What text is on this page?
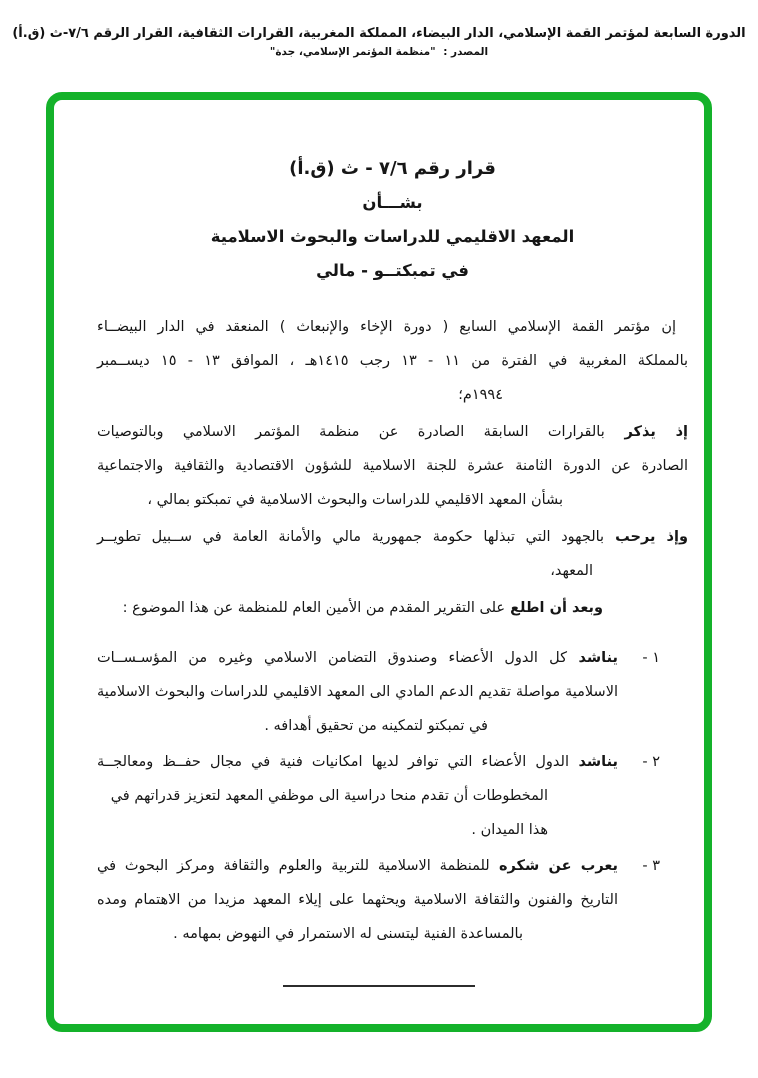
الدورة السابعة لمؤتمر القمة الإسلامي، الدار البيضاء، المملكة المغربية، القرارات الثقافية، القرار الرقم ٧/٦-ث (ق.أ)
المصدر : "منظمة المؤتمر الإسلامي، جدة"
قرار رقم ٧/٦ - ث (ق.أ)
بشـــأن
المعهد الاقليمي للدراسات والبحوث الاسلامية
في تمبكتــو - مالي
إن مؤتمر القمة الإسلامي السابع ( دورة الإخاء والإنبعاث ) المنعقد في الدار البيضــاء
بالمملكة المغربية في الفترة من ١١ - ١٣ رجب ١٤١٥هـ ، الموافق ١٣ - ١٥ ديســمبر
١٩٩٤م؛
إذ يذكر بالقرارات السابقة الصادرة عن منظمة المؤتمر الاسلامي وبالتوصيات
الصادرة عن الدورة الثامنة عشرة للجنة الاسلامية للشؤون الاقتصادية والثقافية والاجتماعية
بشأن المعهد الاقليمي للدراسات والبحوث الاسلامية في تمبكتو بمالي ،
وإذ يرحب بالجهود التي تبذلها حكومة جمهورية مالي والأمانة العامة في ســبيل تطويــر
المعهد،
وبعد أن اطلع على التقرير المقدم من الأمين العام للمنظمة عن هذا الموضوع :
١ -
يناشد كل الدول الأعضاء وصندوق التضامن الاسلامي وغيره من المؤسـســات
الاسلامية مواصلة تقديم الدعم المادي الى المعهد الاقليمي للدراسات والبحوث الاسلامية
في تمبكتو لتمكينه من تحقيق أهدافه .
٢ -
يناشد الدول الأعضاء التي توافر لديها امكانيات فنية في مجال حفــظ ومعالجــة
المخطوطات أن تقدم منحا دراسية الى موظفي المعهد لتعزيز قدراتهم في هذا الميدان .
٣ -
يعرب عن شكره للمنظمة الاسلامية للتربية والعلوم والثقافة ومركز البحوث في
التاريخ والفنون والثقافة الاسلامية ويحثهما على إيلاء المعهد مزيدا من الاهتمام ومده
بالمساعدة الفنية ليتسنى له الاستمرار في النهوض بمهامه .
